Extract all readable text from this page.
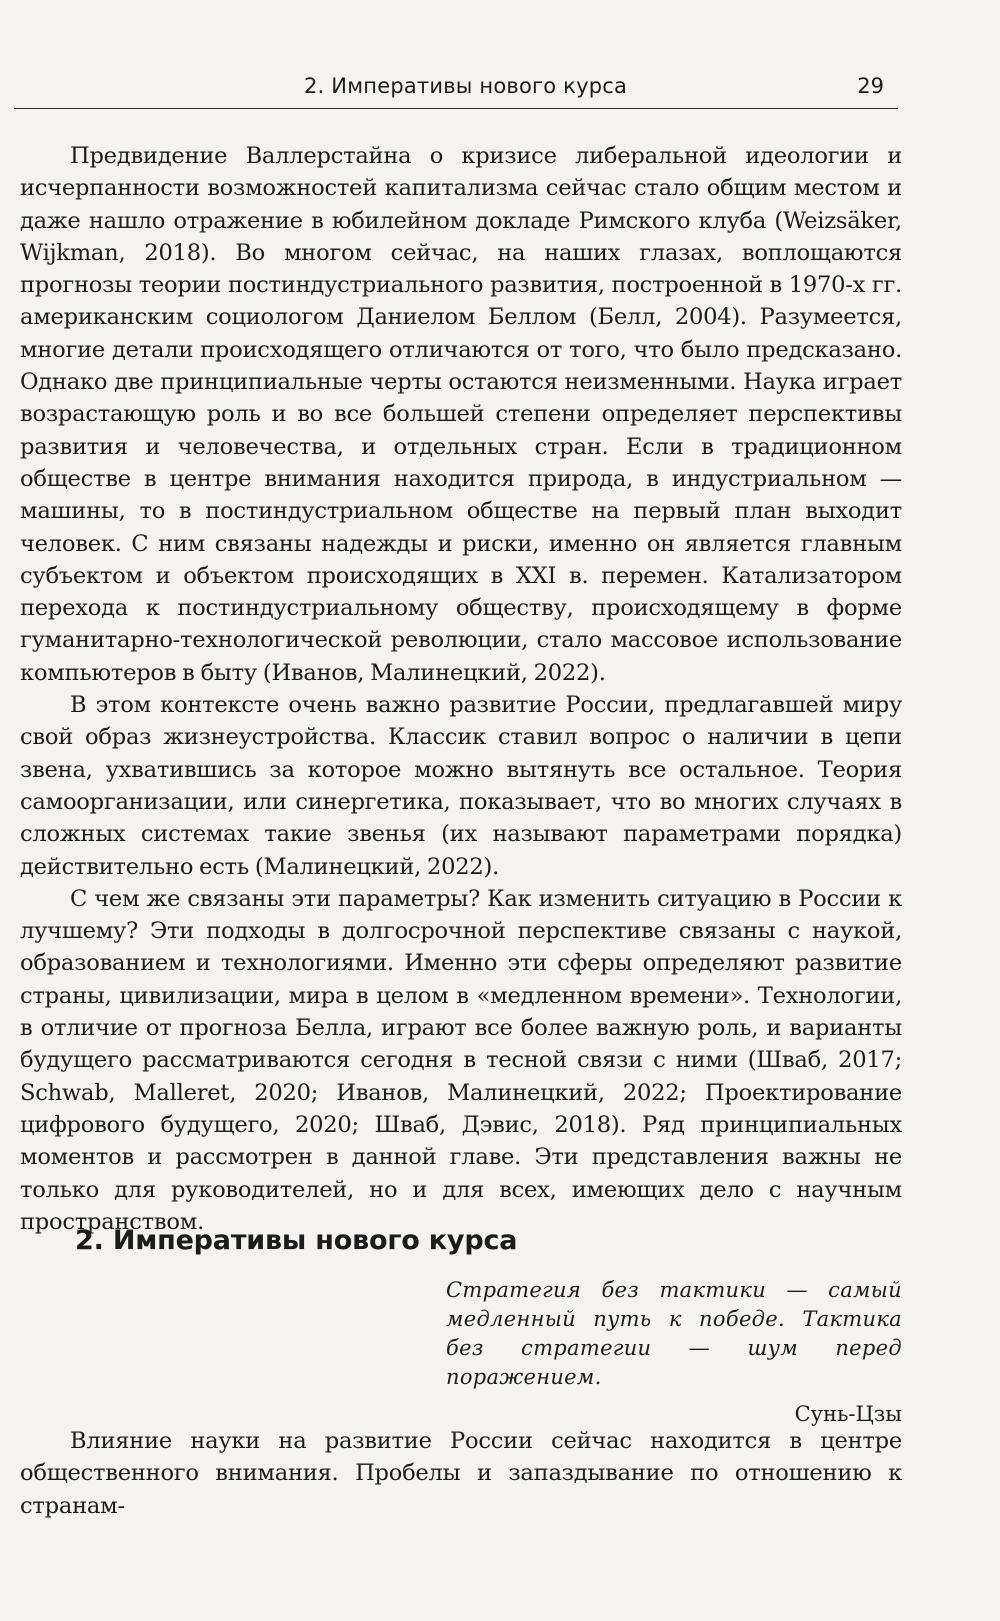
2. Императивы нового курса	29

Предвидение Валлерстайна о кризисе либеральной идеологии и исчерпанности возможностей капитализма сейчас стало общим местом и даже нашло отражение в юбилейном докладе Римского клуба (Weizsäker, Wijkman, 2018). Во многом сейчас, на наших глазах, воплощаются прогнозы теории постиндустриального развития, построенной в 1970-х гг. американским социологом Даниелом Беллом (Белл, 2004). Разумеется, многие детали происходящего отличаются от того, что было предсказано. Однако две принципиальные черты остаются неизменными. Наука играет возрастающую роль и во все большей степени определяет перспективы развития и человечества, и отдельных стран. Если в традиционном обществе в центре внимания находится природа, в индустриальном — машины, то в постиндустриальном обществе на первый план выходит человек. С ним связаны надежды и риски, именно он является главным субъектом и объектом происходящих в XXI в. перемен. Катализатором перехода к постиндустриальному обществу, происходящему в форме гуманитарно-технологической революции, стало массовое использование компьютеров в быту (Иванов, Малинецкий, 2022).

В этом контексте очень важно развитие России, предлагавшей миру свой образ жизнеустройства. Классик ставил вопрос о наличии в цепи звена, ухватившись за которое можно вытянуть все остальное. Теория самоорганизации, или синергетика, показывает, что во многих случаях в сложных системах такие звенья (их называют параметрами порядка) действительно есть (Малинецкий, 2022).

С чем же связаны эти параметры? Как изменить ситуацию в России к лучшему? Эти подходы в долгосрочной перспективе связаны с наукой, образованием и технологиями. Именно эти сферы определяют развитие страны, цивилизации, мира в целом в «медленном времени». Технологии, в отличие от прогноза Белла, играют все более важную роль, и варианты будущего рассматриваются сегодня в тесной связи с ними (Шваб, 2017; Schwab, Malleret, 2020; Иванов, Малинецкий, 2022; Проектирование цифрового будущего, 2020; Шваб, Дэвис, 2018). Ряд принципиальных моментов и рассмотрен в данной главе. Эти представления важны не только для руководителей, но и для всех, имеющих дело с научным пространством.

2. Императивы нового курса

Стратегия без тактики — самый медленный путь к победе. Тактика без стратегии — шум перед поражением.

Сунь-Цзы

Влияние науки на развитие России сейчас находится в центре общественного внимания. Пробелы и запаздывание по отношению к странам-
